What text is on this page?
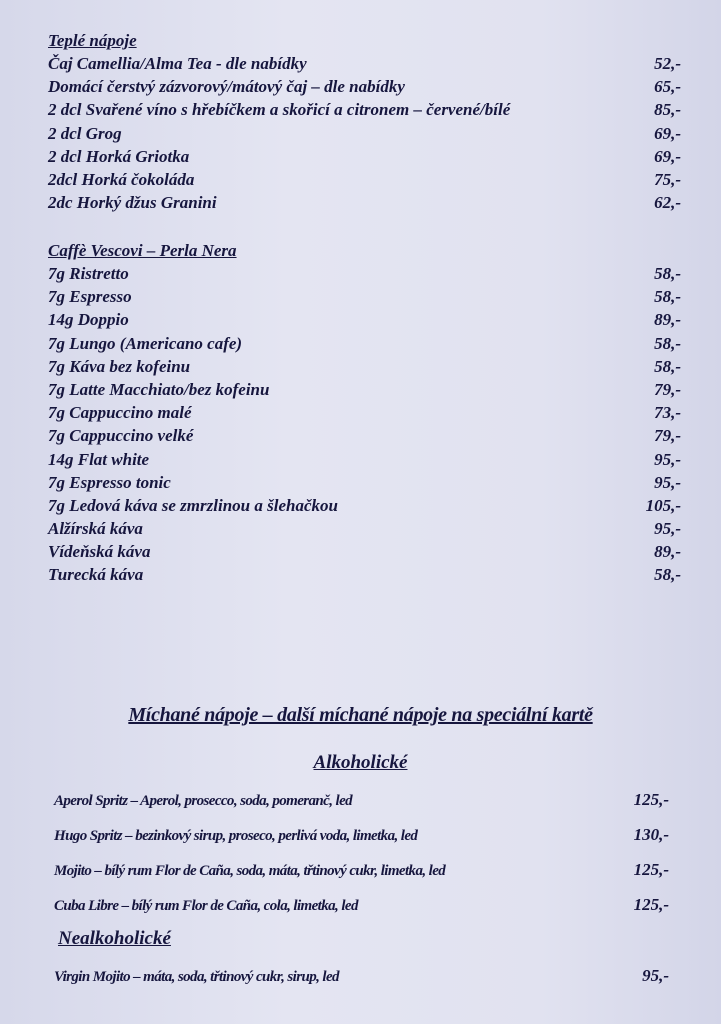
Teplé nápoje
Čaj Camellia/Alma Tea - dle nabídky	52,-
Domácí čerstvý zázvorový/mátový čaj – dle nabídky	65,-
2 dcl Svařené víno s hřebíčkem a skořicí a citronem – červené/bílé	85,-
2 dcl Grog	69,-
2 dcl Horká Griotka	69,-
2dcl Horká čokoláda	75,-
2dc Horký džus Granini	62,-
Caffè Vescovi – Perla Nera
7g Ristretto	58,-
7g Espresso	58,-
14g Doppio	89,-
7g Lungo (Americano cafe)	58,-
7g Káva bez kofeinu	58,-
7g Latte Macchiato/bez kofeinu	79,-
7g Cappuccino malé	73,-
7g Cappuccino velké	79,-
14g Flat white	95,-
7g Espresso tonic	95,-
7g Ledová káva se zmrzlinou a šlehačkou	105,-
Alžírská káva	95,-
Vídeňská káva	89,-
Turecká káva	58,-
Míchané nápoje – další míchané nápoje na speciální kartě
Alkoholické
Aperol Spritz – Aperol, prosecco, soda, pomeranč, led	125,-
Hugo Spritz – bezinkový sirup, proseco, perlivá voda, limetka, led	130,-
Mojito – bílý rum Flor de Caña, soda, máta, třtinový cukr, limetka, led	125,-
Cuba Libre – bílý rum Flor de Caña, cola, limetka, led	125,-
Nealkoholické
Virgin Mojito – máta, soda, třtinový cukr, sirup, led	95,-
